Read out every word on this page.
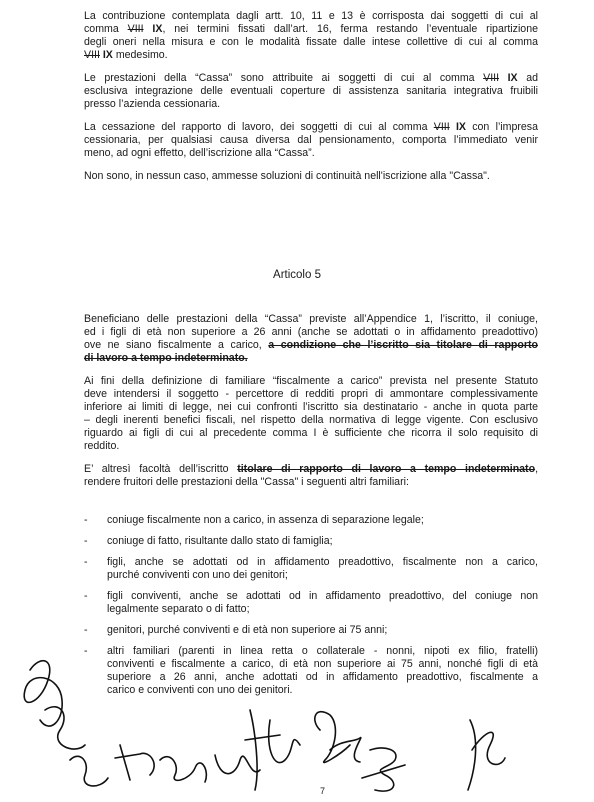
La contribuzione contemplata dagli artt. 10, 11 e 13 è corrisposta dai soggetti di cui al
comma VIII IX, nei termini fissati dall’art. 16, ferma restando l’eventuale ripartizione
degli oneri nella misura e con le modalità fissate dalle intese collettive di cui al comma
VIII IX medesimo.
Le prestazioni della “Cassa” sono attribuite ai soggetti di cui al comma VIII IX ad
esclusiva integrazione delle eventuali coperture di assistenza sanitaria integrativa fruibili
presso l’azienda cessionaria.
La cessazione del rapporto di lavoro, dei soggetti di cui al comma VIII IX con l’impresa
cessionaria, per qualsiasi causa diversa dal pensionamento, comporta l’immediato venir
meno, ad ogni effetto, dell’iscrizione alla “Cassa”.
Non sono, in nessun caso, ammesse soluzioni di continuità nell'iscrizione alla "Cassa".
Articolo 5
Beneficiano delle prestazioni della “Cassa” previste all’Appendice 1, l’iscritto, il coniuge,
ed i figli di età non superiore a 26 anni (anche se adottati o in affidamento preadottivo)
ove ne siano fiscalmente a carico, a condizione che l’iscritto sia titolare di rapporto
di lavoro a tempo indeterminato.
Ai fini della definizione di familiare “fiscalmente a carico” prevista nel presente Statuto
deve intendersi il soggetto - percettore di redditi propri di ammontare complessivamente
inferiore ai limiti di legge, nei cui confronti l’iscritto sia destinatario - anche in quota parte
– degli inerenti benefici fiscali, nel rispetto della normativa di legge vigente. Con esclusivo
riguardo ai figli di cui al precedente comma I è sufficiente che ricorra il solo requisito di
reddito.
E’ altresì facoltà dell’iscritto titolare di rapporto di lavoro a tempo indeterminato,
rendere fruitori delle prestazioni della "Cassa" i seguenti altri familiari:
- coniuge fiscalmente non a carico, in assenza di separazione legale;
- coniuge di fatto, risultante dallo stato di famiglia;
- figli, anche se adottati od in affidamento preadottivo, fiscalmente non a carico,
purché conviventi con uno dei genitori;
- figli conviventi, anche se adottati od in affidamento preadottivo, del coniuge non
legalmente separato o di fatto;
- genitori, purché conviventi e di età non superiore ai 75 anni;
- altri familiari (parenti in linea retta o collaterale - nonni, nipoti ex filio, fratelli)
conviventi e fiscalmente a carico, di età non superiore ai 75 anni, nonché figli di età
superiore a 26 anni, anche adottati od in affidamento preadottivo, fiscalmente a
carico e conviventi con uno dei genitori.
7
